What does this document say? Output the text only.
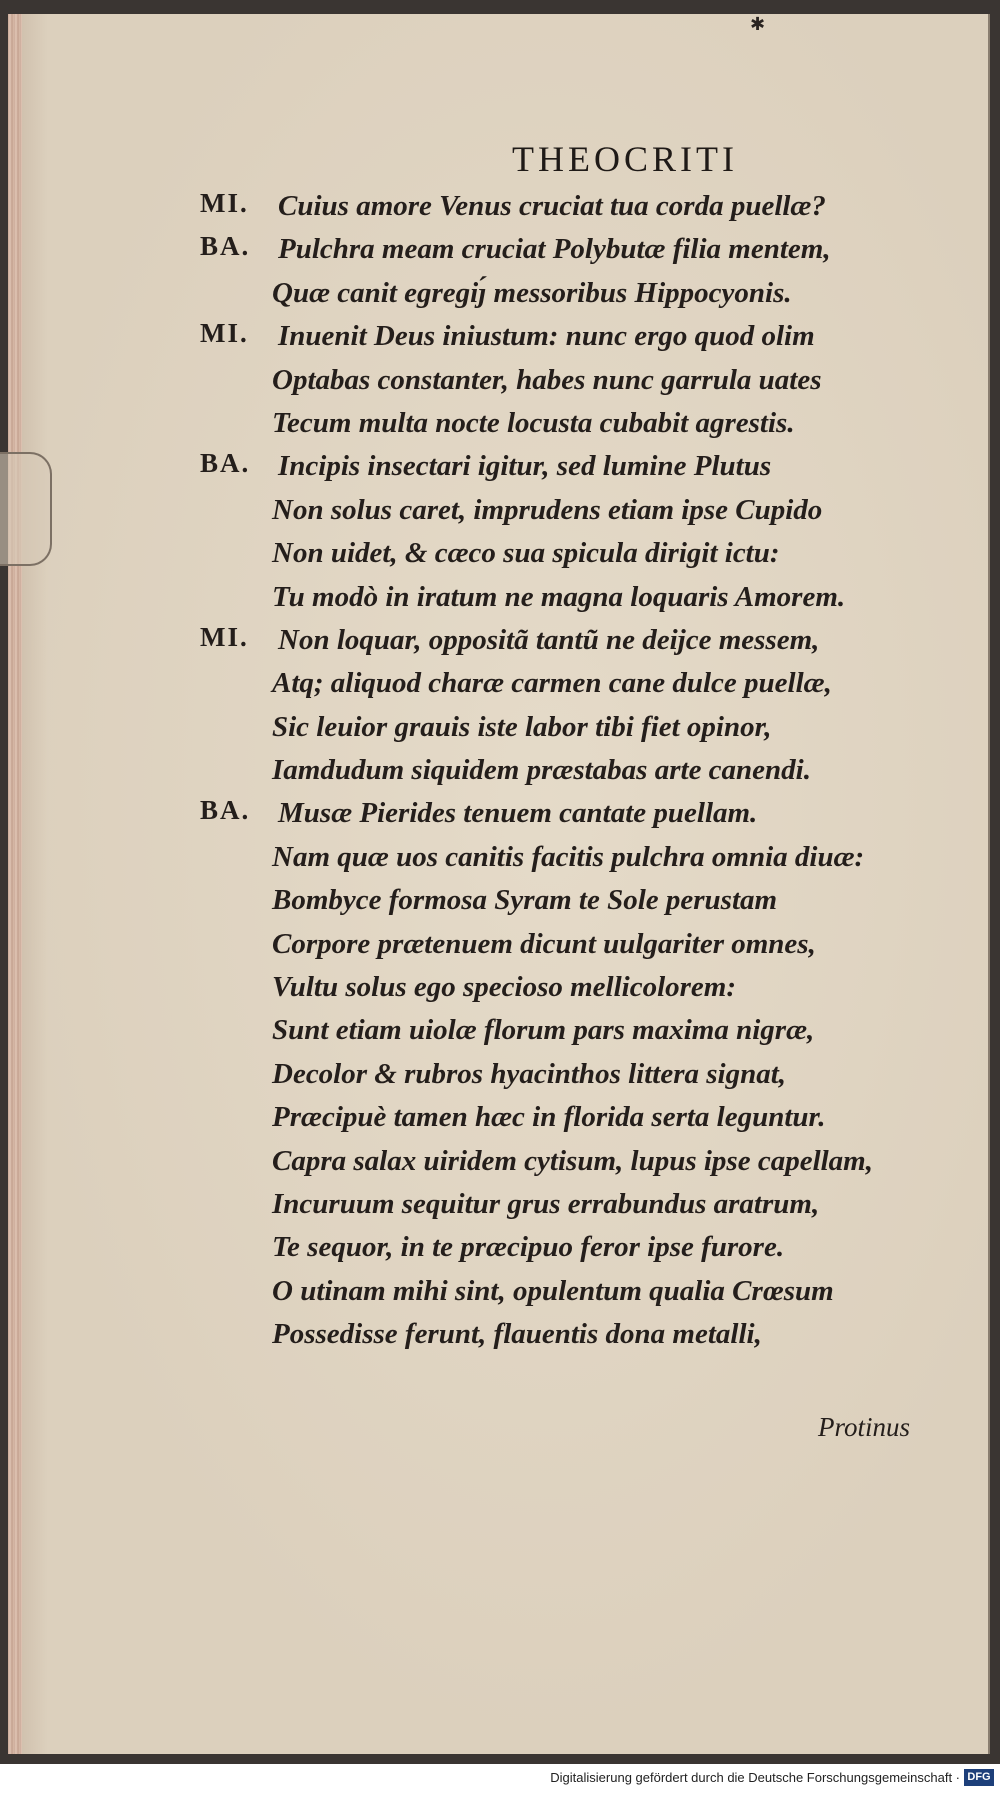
✱
THEOCRITI
MI. Cuius amore Venus cruciat tua corda puellæ?
BA. Pulchra meam cruciat Polybutæ filia mentem,
Quæ canit egregiȷ́ messoribus Hippocyonis.
MI. Inuenit Deus iniustum: nunc ergo quod olim
Optabas constanter, habes nunc garrula uates
Tecum multa nocte locusta cubabit agrestis.
BA. Incipis insectari igitur, sed lumine Plutus
Non solus caret, imprudens etiam ipse Cupido
Non uidet, & cæco sua spicula dirigit ictu:
Tu modò in iratum ne magna loquaris Amorem.
MI. Non loquar, oppositã tantũ ne deijce messem,
Atq; aliquod charæ carmen cane dulce puellæ,
Sic leuior grauis iste labor tibi fiet opinor,
Iamdudum siquidem præstabas arte canendi.
BA. Musæ Pierides tenuem cantate puellam.
Nam quæ uos canitis facitis pulchra omnia diuæ:
Bombyce formosa Syram te Sole perustam
Corpore prætenuem dicunt uulgariter omnes,
Vultu solus ego specioso mellicolorem:
Sunt etiam uiolæ florum pars maxima nigræ,
Decolor & rubros hyacinthos littera signat,
Præcipuè tamen hæc in florida serta leguntur.
Capra salax uiridem cytisum, lupus ipse capellam,
Incuruum sequitur grus errabundus aratrum,
Te sequor, in te præcipuo feror ipse furore.
O utinam mihi sint, opulentum qualia Crœsum
Possedisse ferunt, flauentis dona metalli,
Protinus
Digitalisierung gefördert durch die Deutsche Forschungsgemeinschaft · DFG
